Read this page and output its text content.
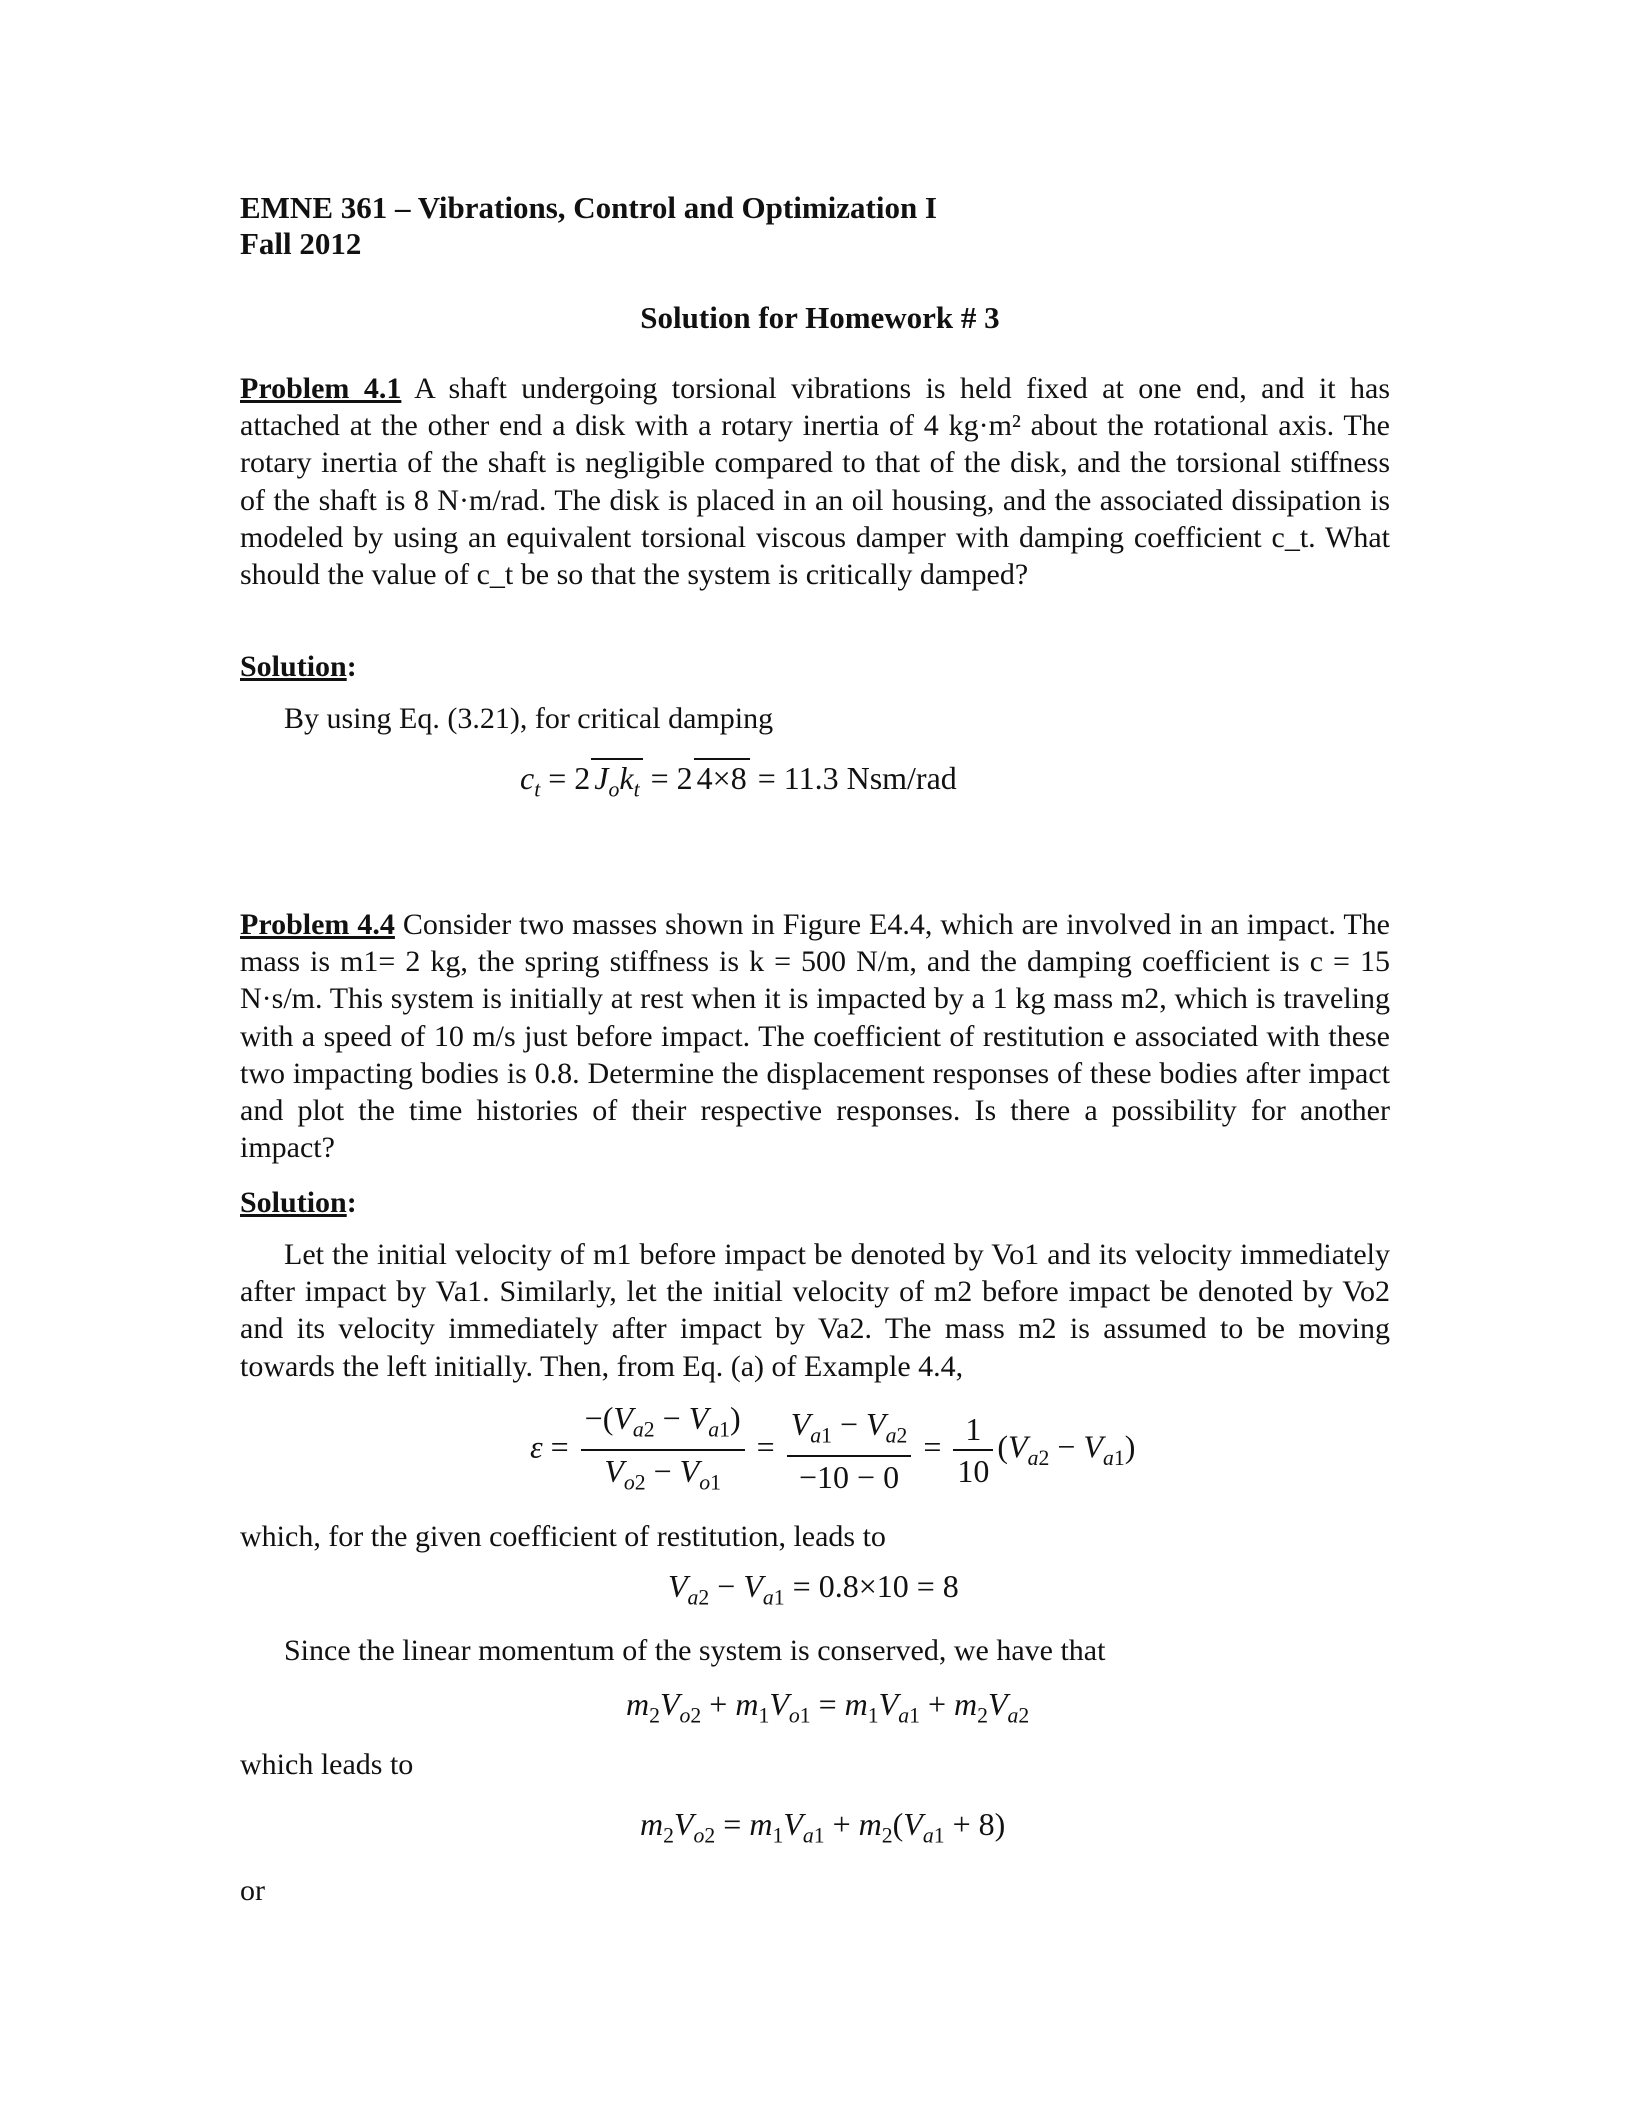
EMNE 361 – Vibrations, Control and Optimization I
Fall 2012
Solution for Homework # 3
Problem 4.1 A shaft undergoing torsional vibrations is held fixed at one end, and it has attached at the other end a disk with a rotary inertia of 4 kg·m² about the rotational axis. The rotary inertia of the shaft is negligible compared to that of the disk, and the torsional stiffness of the shaft is 8 N·m/rad. The disk is placed in an oil housing, and the associated dissipation is modeled by using an equivalent torsional viscous damper with damping coefficient c_t. What should the value of c_t be so that the system is critically damped?
Solution:
By using Eq. (3.21), for critical damping
$c_t = 2$ $J_ok_t = 2$ 4×8 = 11.3 Nsm/rad
Problem 4.4 Consider two masses shown in Figure E4.4, which are involved in an impact. The mass is m1= 2 kg, the spring stiffness is k = 500 N/m, and the damping coefficient is c = 15 N·s/m. This system is initially at rest when it is impacted by a 1 kg mass m2, which is traveling with a speed of 10 m/s just before impact. The coefficient of restitution e associated with these two impacting bodies is 0.8. Determine the displacement responses of these bodies after impact and plot the time histories of their respective responses. Is there a possibility for another impact?
Solution:
Let the initial velocity of m1 before impact be denoted by Vo1 and its velocity immediately after impact by Va1. Similarly, let the initial velocity of m2 before impact be denoted by Vo2 and its velocity immediately after impact by Va2. The mass m2 is assumed to be moving towards the left initially. Then, from Eq. (a) of Example 4.4,
$\varepsilon = \frac{-(V_{a2} - V_{a1})}{V_{o2} - V_{o1}} = \frac{V_{a1} - V_{a2}}{-10 - 0} = \frac{1}{10} (V_{a2} - V_{a1})$
which, for the given coefficient of restitution, leads to
$V_{a2} - V_{a1} = 0.8\times 10 = 8$
Since the linear momentum of the system is conserved, we have that
$m_2V_{o2} + m_1V_{o1} = m_1V_{a1} + m_2V_{a2}$
which leads to
$m_2V_{o2} = m_1V_{a1} + m_2(V_{a1} + 8)$
or
